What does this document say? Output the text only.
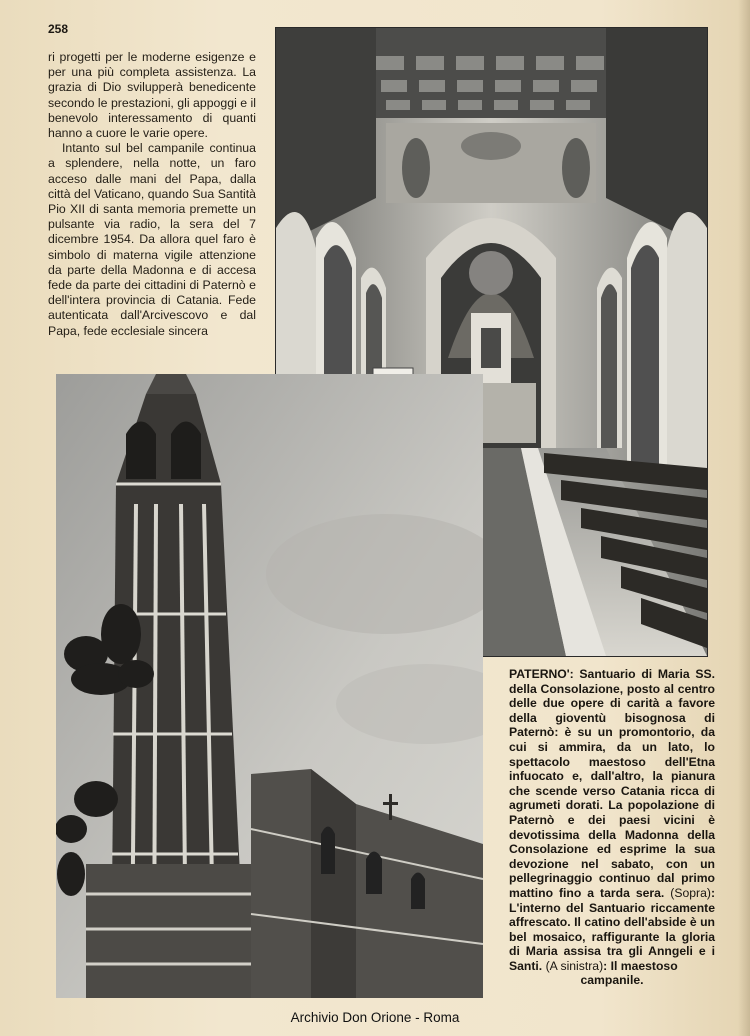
258

ri progetti per le moderne esigenze e per una più completa assistenza. La grazia di Dio svilupperà benedicente secondo le prestazioni, gli appoggi e il benevolo interessamento di quanti hanno a cuore le varie opere.

Intanto sul bel campanile continua a splendere, nella notte, un faro acceso dalle mani del Papa, dalla città del Vaticano, quando Sua Santità Pio XII di santa memoria premette un pulsante via radio, la sera del 7 dicembre 1954. Da allora quel faro è simbolo di materna vigile attenzione da parte della Madonna e di accesa fede da parte dei cittadini di Paternò e dell'intera provincia di Catania. Fede autenticata dall'Arcivescovo e dal Papa, fede ecclesiale sincera

PATERNO': Santuario di Maria SS. della Consolazione, posto al centro delle due opere di carità a favore della gioventù bisognosa di Paternò: è su un promontorio, da cui si ammira, da un lato, lo spettacolo maestoso dell'Etna infuocato e, dall'altro, la pianura che scende verso Catania ricca di agrumeti dorati. La popolazione di Paternò e dei paesi vicini è devotissima della Madonna della Consolazione ed esprime la sua devozione nel sabato, con un pellegrinaggio continuo dal primo mattino fino a tarda sera. (Sopra): L'interno del Santuario riccamente affrescato. Il catino dell'abside è un bel mosaico, raffigurante la gloria di Maria assisa tra gli Anngeli e i Santi. (A sinistra): Il maestoso
campanile.
Archivio Don Orione - Roma
